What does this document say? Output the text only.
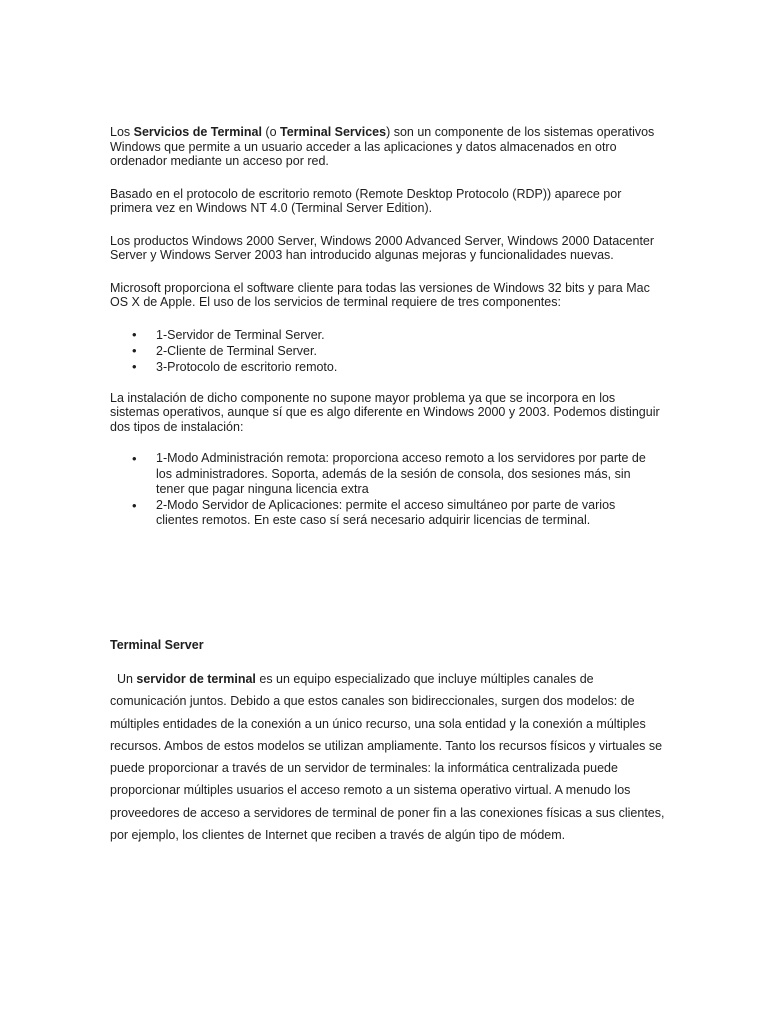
Los Servicios de Terminal (o Terminal Services) son un componente de los sistemas operativos Windows que permite a un usuario acceder a las aplicaciones y datos almacenados en otro ordenador mediante un acceso por red.

Basado en el protocolo de escritorio remoto (Remote Desktop Protocolo (RDP)) aparece por primera vez en Windows NT 4.0 (Terminal Server Edition).

Los productos Windows 2000 Server, Windows 2000 Advanced Server, Windows 2000 Datacenter Server y Windows Server 2003 han introducido algunas mejoras y funcionalidades nuevas.

Microsoft proporciona el software cliente para todas las versiones de Windows 32 bits y para Mac OS X de Apple. El uso de los servicios de terminal requiere de tres componentes:

• 1-Servidor de Terminal Server.
• 2-Cliente de Terminal Server.
• 3-Protocolo de escritorio remoto.

La instalación de dicho componente no supone mayor problema ya que se incorpora en los sistemas operativos, aunque sí que es algo diferente en Windows 2000 y 2003. Podemos distinguir dos tipos de instalación:

• 1-Modo Administración remota: proporciona acceso remoto a los servidores por parte de los administradores. Soporta, además de la sesión de consola, dos sesiones más, sin tener que pagar ninguna licencia extra
• 2-Modo Servidor de Aplicaciones: permite el acceso simultáneo por parte de varios clientes remotos. En este caso sí será necesario adquirir licencias de terminal.
Terminal Server

Un servidor de terminal es un equipo especializado que incluye múltiples canales de comunicación juntos. Debido a que estos canales son bidireccionales, surgen dos modelos: de múltiples entidades de la conexión a un único recurso, una sola entidad y la conexión a múltiples recursos. Ambos de estos modelos se utilizan ampliamente. Tanto los recursos físicos y virtuales se puede proporcionar a través de un servidor de terminales: la informática centralizada puede proporcionar múltiples usuarios el acceso remoto a un sistema operativo virtual. A menudo los proveedores de acceso a servidores de terminal de poner fin a las conexiones físicas a sus clientes, por ejemplo, los clientes de Internet que reciben a través de algún tipo de módem.
